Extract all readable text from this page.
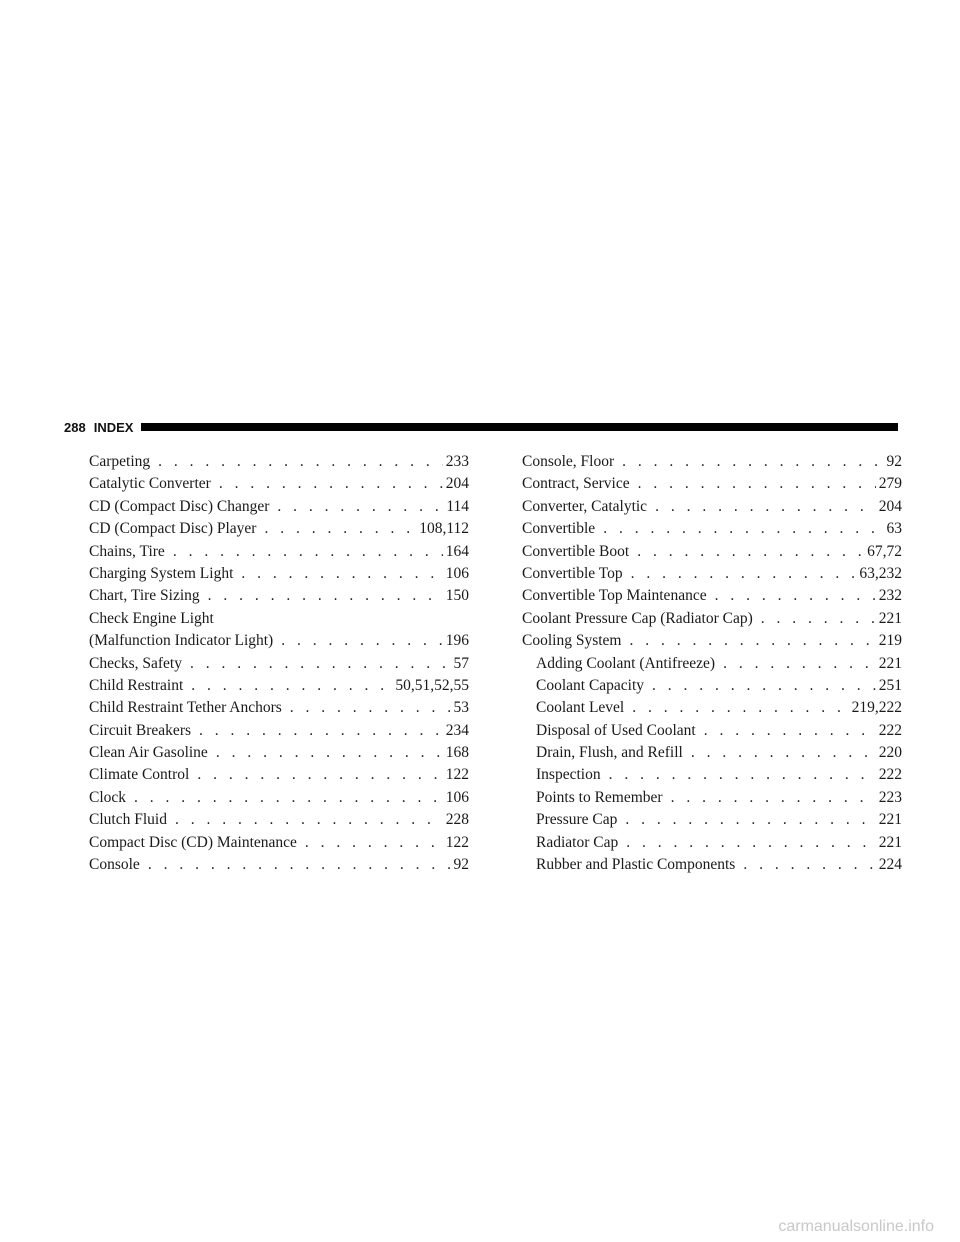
288 INDEX
Carpeting . . .	233
Catalytic Converter . . .	204
CD (Compact Disc) Changer . . .	114
CD (Compact Disc) Player . . .	108,112
Chains, Tire . . .	164
Charging System Light . . .	106
Chart, Tire Sizing . . .	150
Check Engine Light
(Malfunction Indicator Light) . . .	196
Checks, Safety . . .	57
Child Restraint . . .	50,51,52,55
Child Restraint Tether Anchors . . .	53
Circuit Breakers . . .	234
Clean Air Gasoline . . .	168
Climate Control . . .	122
Clock . . .	106
Clutch Fluid . . .	228
Compact Disc (CD) Maintenance . . .	122
Console . . .	92
Console, Floor . . .	92
Contract, Service . . .	279
Converter, Catalytic . . .	204
Convertible . . .	63
Convertible Boot . . .	67,72
Convertible Top . . .	63,232
Convertible Top Maintenance . . .	232
Coolant Pressure Cap (Radiator Cap) . . .	221
Cooling System . . .	219
Adding Coolant (Antifreeze) . . .	221
Coolant Capacity . . .	251
Coolant Level . . .	219,222
Disposal of Used Coolant . . .	222
Drain, Flush, and Refill . . .	220
Inspection . . .	222
Points to Remember . . .	223
Pressure Cap . . .	221
Radiator Cap . . .	221
Rubber and Plastic Components . . .	224
carmanualsonline.info
